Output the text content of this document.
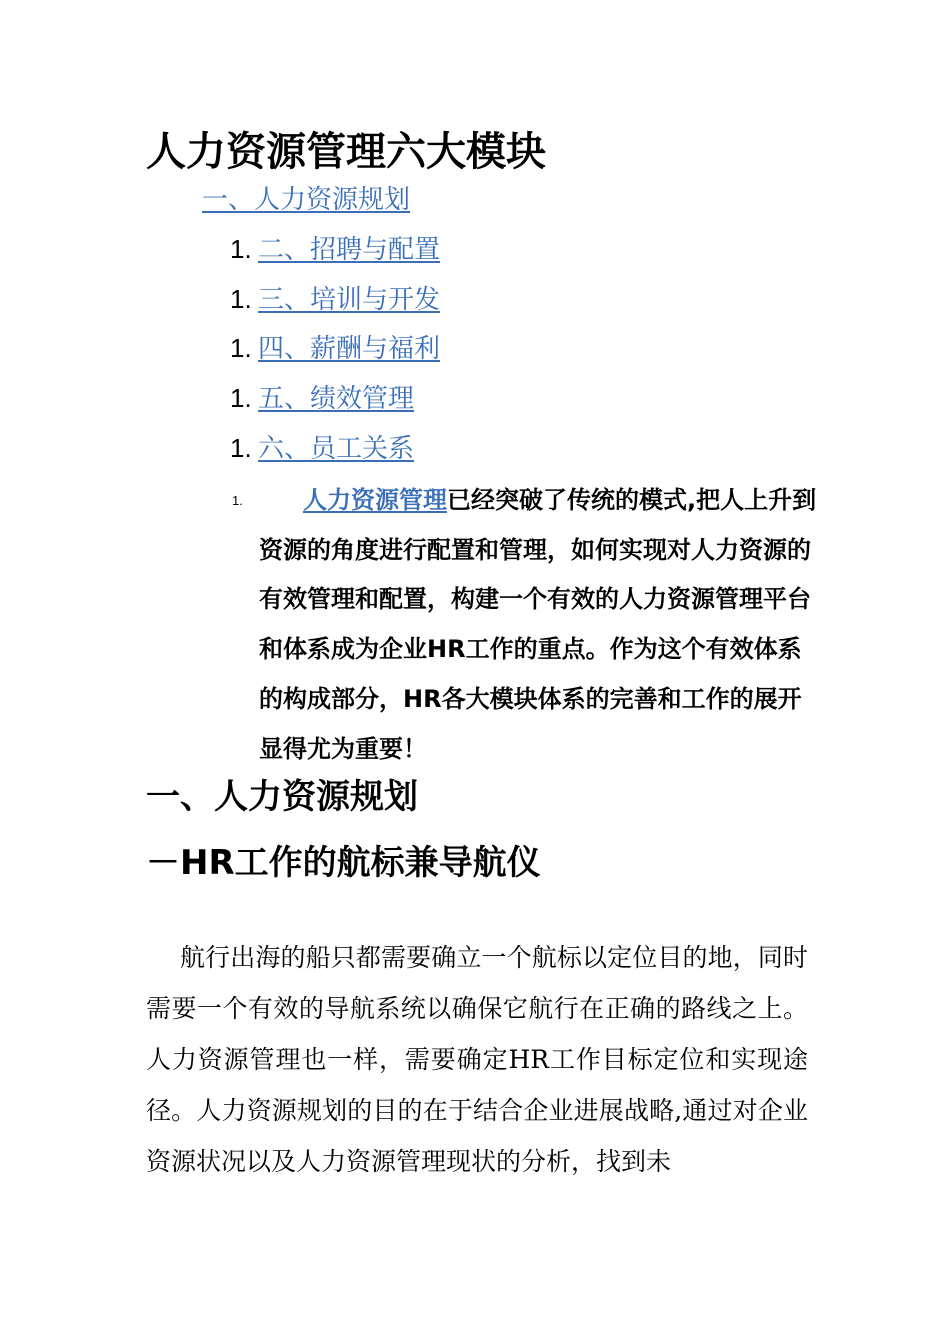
人力资源管理六大模块
一、人力资源规划
1. 二、招聘与配置
1. 三、培训与开发
1. 四、薪酬与福利
1. 五、绩效管理
1. 六、员工关系
1.	人力资源管理已经突破了传统的模式,把人上升到资源的角度进行配置和管理，如何实现对人力资源的有效管理和配置，构建一个有效的人力资源管理平台和体系成为企业HR工作的重点。作为这个有效体系的构成部分，HR各大模块体系的完善和工作的展开显得尤为重要！
一、人力资源规划
－HR工作的航标兼导航仪
航行出海的船只都需要确立一个航标以定位目的地，同时需要一个有效的导航系统以确保它航行在正确的路线之上。人力资源管理也一样，需要确定HR工作目标定位和实现途径。人力资源规划的目的在于结合企业进展战略,通过对企业资源状况以及人力资源管理现状的分析，找到未
